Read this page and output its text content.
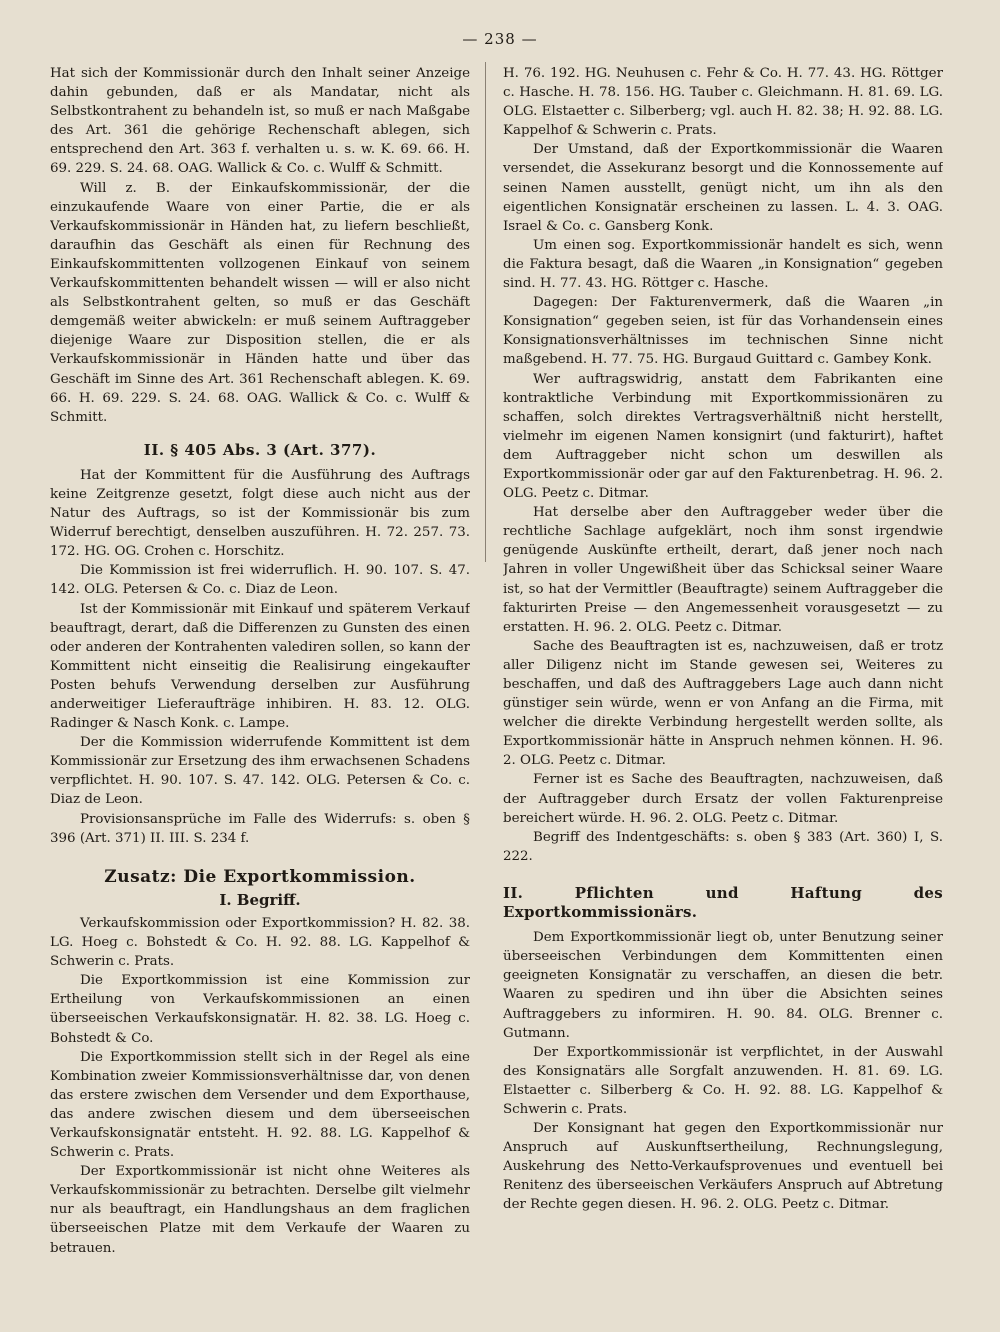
— 238 —

Hat sich der Kommissionär durch den Inhalt seiner Anzeige dahin gebunden, daß er als Mandatar, nicht als Selbstkontrahent zu behandeln ist, so muß er nach Maßgabe des Art. 361 die gehörige Rechenschaft ablegen, sich entsprechend den Art. 363 f. verhalten u. s. w. K. 69. 66. H. 69. 229. S. 24. 68. OAG. Wallick & Co. c. Wulff & Schmitt.

Will z. B. der Einkaufskommissionär, der die einzukaufende Waare von einer Partie, die er als Verkaufskommissionär in Händen hat, zu liefern beschließt, daraufhin das Geschäft als einen für Rechnung des Einkaufskommittenten vollzogenen Einkauf von seinem Verkaufskommittenten behandelt wissen — will er also nicht als Selbstkontrahent gelten, so muß er das Geschäft demgemäß weiter abwickeln: er muß seinem Auftraggeber diejenige Waare zur Disposition stellen, die er als Verkaufskommissionär in Händen hatte und über das Geschäft im Sinne des Art. 361 Rechenschaft ablegen. K. 69. 66. H. 69. 229. S. 24. 68. OAG. Wallick & Co. c. Wulff & Schmitt.

II. § 405 Abs. 3 (Art. 377).

Hat der Kommittent für die Ausführung des Auftrags keine Zeitgrenze gesetzt, folgt diese auch nicht aus der Natur des Auftrags, so ist der Kommissionär bis zum Widerruf berechtigt, denselben auszuführen. H. 72. 257. 73. 172. HG. OG. Crohen c. Horschitz.

Die Kommission ist frei widerruflich. H. 90. 107. S. 47. 142. OLG. Petersen & Co. c. Diaz de Leon.

Ist der Kommissionär mit Einkauf und späterem Verkauf beauftragt, derart, daß die Differenzen zu Gunsten des einen oder anderen der Kontrahenten valediren sollen, so kann der Kommittent nicht einseitig die Realisirung eingekaufter Posten behufs Verwendung derselben zur Ausführung anderweitiger Lieferaufträge inhibiren. H. 83. 12. OLG. Radinger & Nasch Konk. c. Lampe.

Der die Kommission widerrufende Kommittent ist dem Kommissionär zur Ersetzung des ihm erwachsenen Schadens verpflichtet. H. 90. 107. S. 47. 142. OLG. Petersen & Co. c. Diaz de Leon.

Provisionsansprüche im Falle des Widerrufs: s. oben § 396 (Art. 371) II. III. S. 234 f.

Zusatz: Die Exportkommission.
I. Begriff.

Verkaufskommission oder Exportkommission? H. 82. 38. LG. Hoeg c. Bohstedt & Co. H. 92. 88. LG. Kappelhof & Schwerin c. Prats.

Die Exportkommission ist eine Kommission zur Ertheilung von Verkaufskommissionen an einen überseeischen Verkaufskonsignatär. H. 82. 38. LG. Hoeg c. Bohstedt & Co.

Die Exportkommission stellt sich in der Regel als eine Kombination zweier Kommissionsverhältnisse dar, von denen das erstere zwischen dem Versender und dem Exporthause, das andere zwischen diesem und dem überseeischen Verkaufskonsignatär entsteht. H. 92. 88. LG. Kappelhof & Schwerin c. Prats.

Der Exportkommissionär ist nicht ohne Weiteres als Verkaufskommissionär zu betrachten. Derselbe gilt vielmehr nur als beauftragt, ein Handlungshaus an dem fraglichen überseeischen Platze mit dem Verkaufe der Waaren zu betrauen.

H. 76. 192. HG. Neuhusen c. Fehr & Co. H. 77. 43. HG. Röttger c. Hasche. H. 78. 156. HG. Tauber c. Gleichmann. H. 81. 69. LG. OLG. Elstaetter c. Silberberg; vgl. auch H. 82. 38; H. 92. 88. LG. Kappelhof & Schwerin c. Prats.

Der Umstand, daß der Exportkommissionär die Waaren versendet, die Assekuranz besorgt und die Konnossemente auf seinen Namen ausstellt, genügt nicht, um ihn als den eigentlichen Konsignatär erscheinen zu lassen. L. 4. 3. OAG. Israel & Co. c. Gansberg Konk.

Um einen sog. Exportkommissionär handelt es sich, wenn die Faktura besagt, daß die Waaren „in Konsignation“ gegeben sind. H. 77. 43. HG. Röttger c. Hasche.

Dagegen: Der Fakturenvermerk, daß die Waaren „in Konsignation“ gegeben seien, ist für das Vorhandensein eines Konsignationsverhältnisses im technischen Sinne nicht maßgebend. H. 77. 75. HG. Burgaud Guittard c. Gambey Konk.

Wer auftragswidrig, anstatt dem Fabrikanten eine kontraktliche Verbindung mit Exportkommissionären zu schaffen, solch direktes Vertragsverhältniß nicht herstellt, vielmehr im eigenen Namen konsignirt (und fakturirt), haftet dem Auftraggeber nicht schon um deswillen als Exportkommissionär oder gar auf den Fakturenbetrag. H. 96. 2. OLG. Peetz c. Ditmar.

Hat derselbe aber den Auftraggeber weder über die rechtliche Sachlage aufgeklärt, noch ihm sonst irgendwie genügende Auskünfte ertheilt, derart, daß jener noch nach Jahren in voller Ungewißheit über das Schicksal seiner Waare ist, so hat der Vermittler (Beauftragte) seinem Auftraggeber die fakturirten Preise — den Angemessenheit vorausgesetzt — zu erstatten. H. 96. 2. OLG. Peetz c. Ditmar.

Sache des Beauftragten ist es, nachzuweisen, daß er trotz aller Diligenz nicht im Stande gewesen sei, Weiteres zu beschaffen, und daß des Auftraggebers Lage auch dann nicht günstiger sein würde, wenn er von Anfang an die Firma, mit welcher die direkte Verbindung hergestellt werden sollte, als Exportkommissionär hätte in Anspruch nehmen können. H. 96. 2. OLG. Peetz c. Ditmar.

Ferner ist es Sache des Beauftragten, nachzuweisen, daß der Auftraggeber durch Ersatz der vollen Fakturenpreise bereichert würde. H. 96. 2. OLG. Peetz c. Ditmar.

Begriff des Indentgeschäfts: s. oben § 383 (Art. 360) I, S. 222.

II. Pflichten und Haftung des Exportkommissionärs.

Dem Exportkommissionär liegt ob, unter Benutzung seiner überseeischen Verbindungen dem Kommittenten einen geeigneten Konsignatär zu verschaffen, an diesen die betr. Waaren zu spediren und ihn über die Absichten seines Auftraggebers zu informiren. H. 90. 84. OLG. Brenner c. Gutmann.

Der Exportkommissionär ist verpflichtet, in der Auswahl des Konsignatärs alle Sorgfalt anzuwenden. H. 81. 69. LG. Elstaetter c. Silberberg & Co. H. 92. 88. LG. Kappelhof & Schwerin c. Prats.

Der Konsignant hat gegen den Exportkommissionär nur Anspruch auf Auskunftsertheilung, Rechnungslegung, Auskehrung des Netto-Verkaufsprovenues und eventuell bei Renitenz des überseeischen Verkäufers Anspruch auf Abtretung der Rechte gegen diesen. H. 96. 2. OLG. Peetz c. Ditmar.
